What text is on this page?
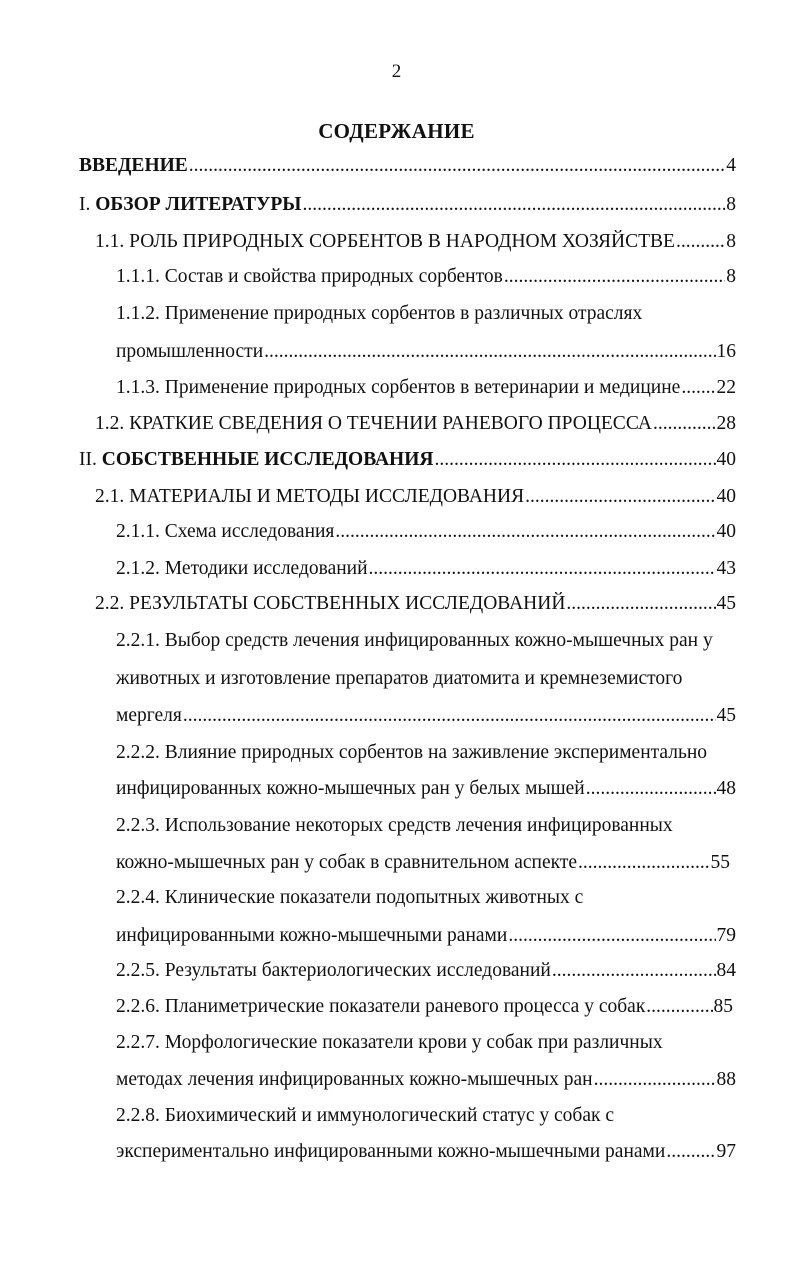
2
СОДЕРЖАНИЕ
ВВЕДЕНИЕ .....	4
I. ОБЗОР ЛИТЕРАТУРЫ .....	8
1.1. РОЛЬ ПРИРОДНЫХ СОРБЕНТОВ В НАРОДНОМ ХОЗЯЙСТВЕ .....	8
1.1.1. Состав и свойства природных сорбентов .....	8
1.1.2. Применение природных сорбентов в различных отраслях
промышленности .....	16
1.1.3. Применение природных сорбентов в ветеринарии и медицине ..... 22
1.2. КРАТКИЕ СВЕДЕНИЯ О ТЕЧЕНИИ РАНЕВОГО ПРОЦЕССА .....	28
II. СОБСТВЕННЫЕ ИССЛЕДОВАНИЯ .....	40
2.1. МАТЕРИАЛЫ И МЕТОДЫ ИССЛЕДОВАНИЯ .....	40
2.1.1. Схема исследования .....	40
2.1.2. Методики исследований .....	43
2.2. РЕЗУЛЬТАТЫ СОБСТВЕННЫХ ИССЛЕДОВАНИЙ .....	45
2.2.1. Выбор средств лечения инфицированных кожно-мышечных ран у
животных и изготовление препаратов диатомита и кремнеземистого
мергеля .....	45
2.2.2. Влияние природных сорбентов на заживление экспериментально
инфицированных кожно-мышечных ран у белых мышей .....	48
2.2.3. Использование некоторых средств лечения инфицированных
кожно-мышечных ран у собак в сравнительном аспекте .....	55
2.2.4. Клинические показатели подопытных животных с
инфицированными кожно-мышечными ранами .....	79
2.2.5. Результаты бактериологических исследований .....	84
2.2.6. Планиметрические показатели раневого процесса у собак .....	85
2.2.7. Морфологические показатели крови у собак при различных
методах лечения инфицированных кожно-мышечных ран .....	88
2.2.8. Биохимический и иммунологический статус у собак с
экспериментально инфицированными кожно-мышечными ранами .....	97
